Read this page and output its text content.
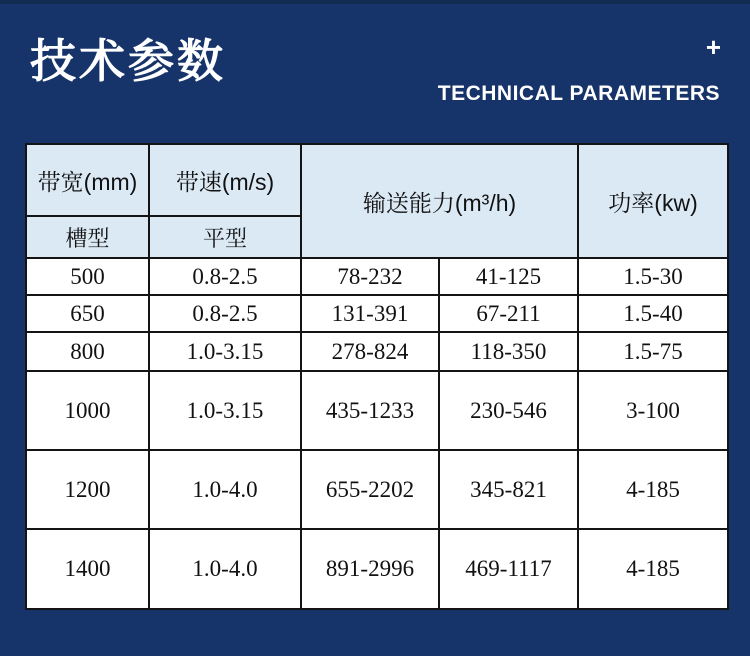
技术参数	+
TECHNICAL PARAMETERS
带宽(mm)	带速(m/s)	输送能力(m³/h)		功率(kw)
槽型	平型			
500	0.8-2.5	78-232	41-125	1.5-30
650	0.8-2.5	131-391	67-211	1.5-40
800	1.0-3.15	278-824	118-350	1.5-75
1000	1.0-3.15	435-1233	230-546	3-100
1200	1.0-4.0	655-2202	345-821	4-185
1400	1.0-4.0	891-2996	469-1117	4-185
